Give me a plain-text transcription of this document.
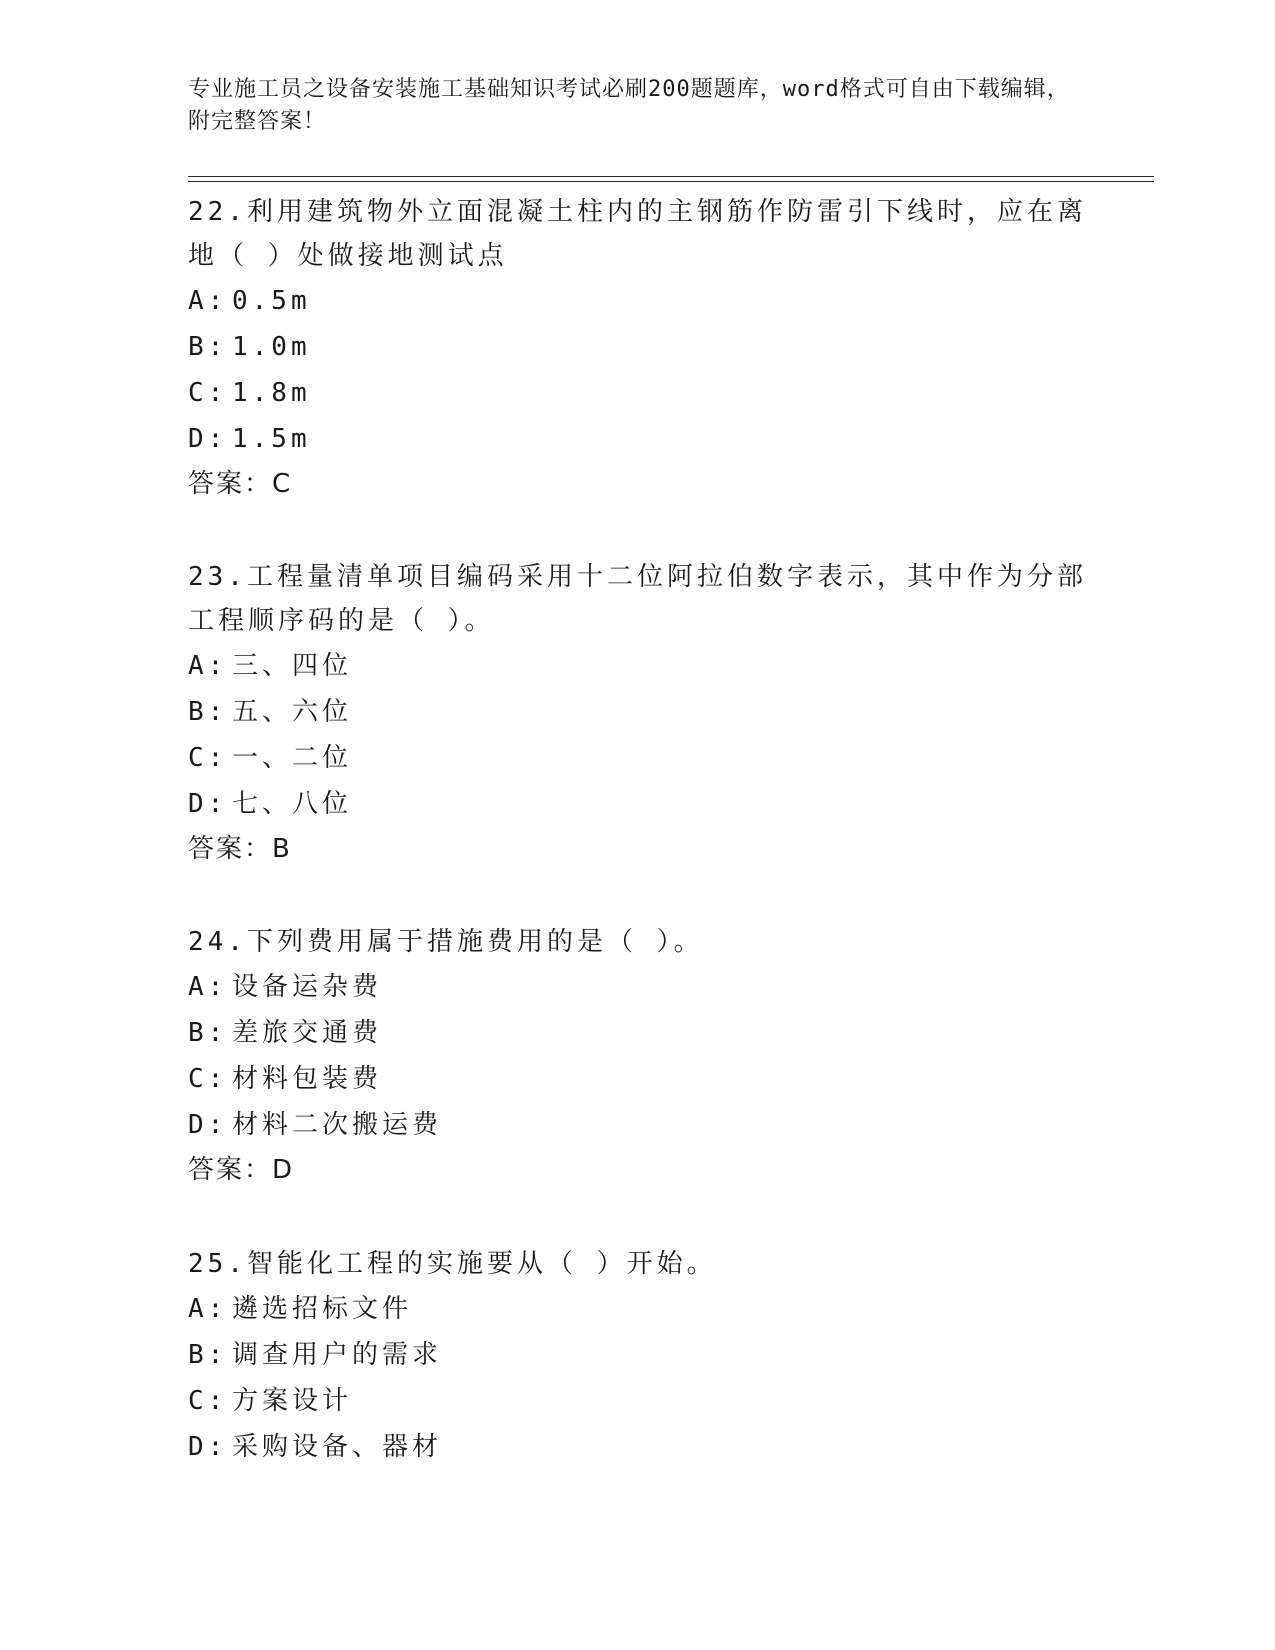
专业施工员之设备安装施工基础知识考试必刷200题题库，word格式可自由下载编辑，附完整答案！

22.利用建筑物外立面混凝土柱内的主钢筋作防雷引下线时，应在离地（ ）处做接地测试点

A: 0.5m

B: 1.0m

C: 1.8m

D: 1.5m

答案：C

23.工程量清单项目编码采用十二位阿拉伯数字表示，其中作为分部工程顺序码的是（ ）。

A: 三、四位

B: 五、六位

C: 一、二位

D: 七、八位

答案：B

24.下列费用属于措施费用的是（ ）。

A: 设备运杂费

B: 差旅交通费

C: 材料包装费

D: 材料二次搬运费

答案：D

25.智能化工程的实施要从（ ）开始。

A: 遴选招标文件

B: 调查用户的需求

C: 方案设计

D: 采购设备、器材
